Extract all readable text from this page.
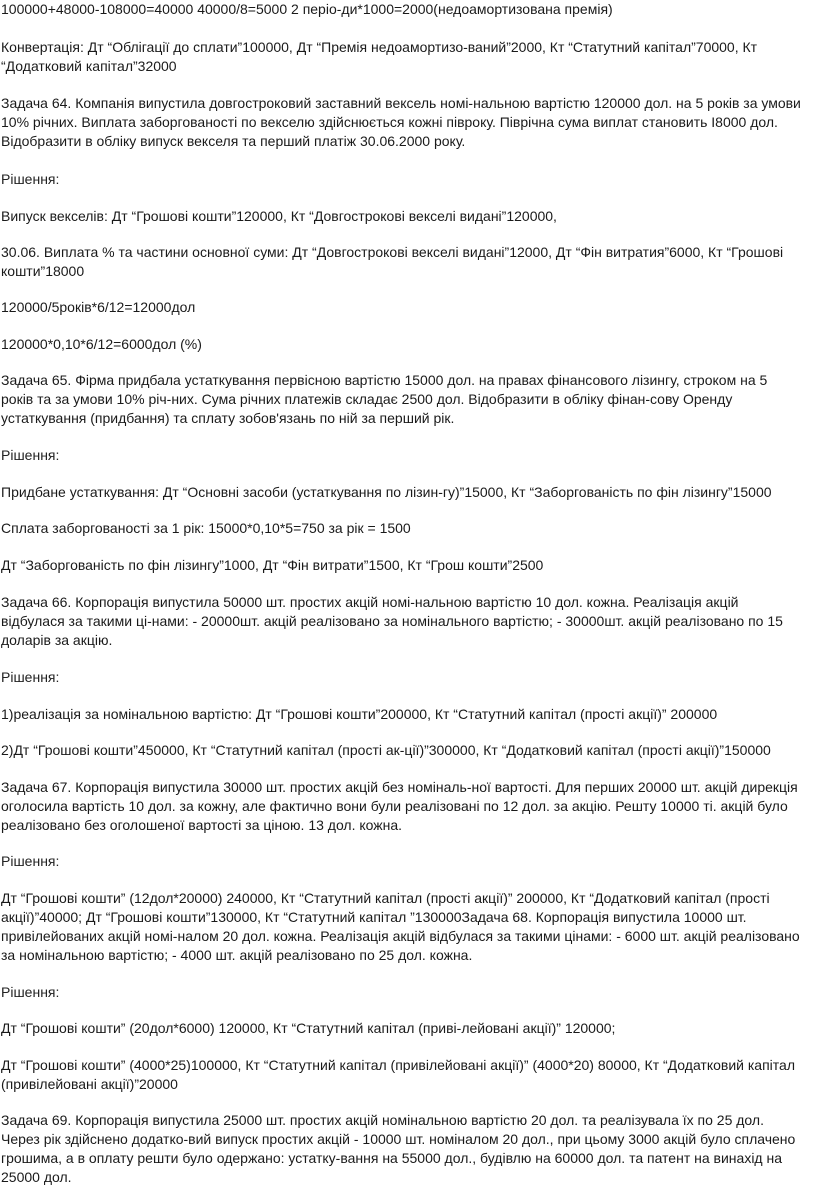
100000+48000-108000=40000 40000/8=5000 2 періо-ди*1000=2000(недоамортизована премія)

Конвертація: Дт “Облігації до сплати”100000, Дт “Премія недоамортизо-ваний”2000, Кт “Статутний капітал”70000, Кт “Додатковий капітал”32000

Задача 64. Компанія випустила довгостроковий заставний вексель номі-нальною вартістю 120000 дол. на 5 років за умови 10% річних. Виплата заборгованості по векселю здійснюється кожні півроку. Піврічна сума виплат становить I8000 дол. Відобразити в обліку випуск векселя та перший платіж 30.06.2000 року.

Рішення:

Випуск векселів: Дт “Грошові кошти”120000, Кт “Довгострокові векселі видані”120000,

30.06. Виплата % та частини основної суми: Дт “Довгострокові векселі видані”12000, Дт “Фін витратия”6000, Кт “Грошові кошти”18000

120000/5років*6/12=12000дол

120000*0,10*6/12=6000дол (%)

Задача 65. Фірма придбала устаткування первісною вартістю 15000 дол. на правах фінансового лізингу, строком на 5 років та за умови 10% річ-них. Сума річних платежів складає 2500 дол. Відобразити в обліку фінан-сову Оренду устаткування (придбання) та сплату зобов'язань по ній за перший рік.

Рішення:

Придбане устаткування: Дт “Основні засоби (устаткування по лізин-гу)”15000, Кт “Заборгованість по фін лізингу”15000

Сплата заборгованості за 1 рік: 15000*0,10*5=750 за рік = 1500

Дт “Заборгованість по фін лізингу”1000, Дт “Фін витрати”1500, Кт “Грош кошти”2500

Задача 66. Корпорація випустила 50000 шт. простих акцій номі-нальною вартістю 10 дол. кожна. Реалізація акцій відбулася за такими ці-нами: - 20000шт. акцій реалізовано за номінального вартістю; - 30000шт. акцій реалізовано по 15 доларів за акцію.

Рішення:

1)реалізація за номінальною вартістю: Дт “Грошові кошти”200000, Кт “Статутний капітал (прості акції)” 200000

2)Дт “Грошові кошти”450000, Кт “Статутний капітал (прості ак-ції)”300000, Кт “Додатковий капітал (прості акції)”150000

Задача 67. Корпорація випустила 30000 шт. простих акцій без номіналь-ної вартості. Для перших 20000 шт. акцій дирекція оголосила вартість 10 дол. за кожну, але фактично вони були реалізовані по 12 дол. за акцію. Решту 10000 ті. акцій було реалізовано без оголошеної вартості за ціною. 13 дол. кожна.

Рішення:

Дт “Грошові кошти” (12дол*20000) 240000, Кт “Статутний капітал (прості акції)” 200000, Кт “Додатковий капітал (прості акції)”40000; Дт “Грошові кошти”130000, Кт “Статутний капітал ”130000Задача 68. Корпорація випустила 10000 шт. привілейованих акцій номі-налом 20 дол. кожна. Реалізація акцій відбулася за такими цінами: - 6000 шт. акцій реалізовано за номінальною вартістю; - 4000 шт. акцій реалізовано по 25 дол. кожна.

Рішення:

Дт “Грошові кошти” (20дол*6000) 120000, Кт “Статутний капітал (приві-лейовані акції)” 120000;

Дт “Грошові кошти” (4000*25)100000, Кт “Статутний капітал (привілейовані акції)” (4000*20) 80000, Кт “Додатковий капітал (привілейовані акції)”20000

Задача 69. Корпорація випустила 25000 шт. простих акцій номінальною вартістю 20 дол. та реалізувала їх по 25 дол. Через рік здійснено додатко-вий випуск простих акцій - 10000 шт. номіналом 20 дол., при цьому 3000 акцій було сплачено грошима, а в оплату решти було одержано: устатку-вання на 55000 дол., будівлю на 60000 дол. та патент на винахід на 25000 дол.
